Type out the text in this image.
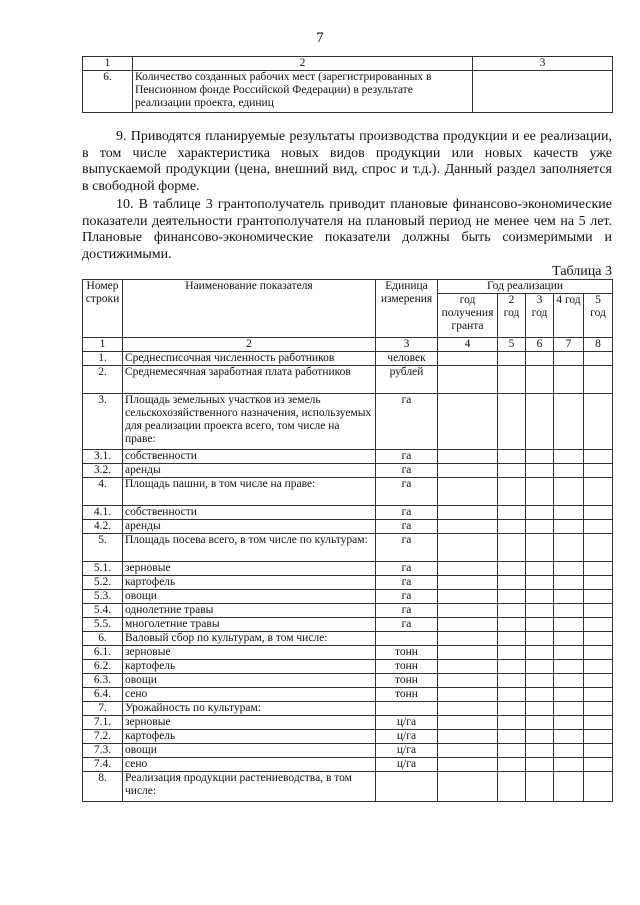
7
1	2	3
6.	Количество созданных рабочих мест (зарегистрированных в Пенсионном фонде Российской Федерации) в результате реализации проекта, единиц	

9. Приводятся планируемые результаты производства продукции и ее реализации, в том числе характеристика новых видов продукции или новых качеств уже выпускаемой продукции (цена, внешний вид, спрос и т.д.). Данный раздел заполняется в свободной форме.

10. В таблице 3 грантополучатель приводит плановые финансово-экономические показатели деятельности грантополучателя на плановый период не менее чем на 5 лет. Плановые финансово-экономические показатели должны быть соизмеримыми и достижимыми.

Таблица 3
Номер строки	Наименование показателя	Единица измерения	Год реализации				
			год получения гранта	2 год	3 год	4 год	5 год
1	2	3	4	5	6	7	8
1.	Среднесписочная численность работников	человек					
2.	Среднемесячная заработная плата работников	рублей					
3.	Площадь земельных участков из земель сельскохозяйственного назначения, используемых для реализации проекта всего, том числе на праве:	га					
3.1.	собственности	га					
3.2.	аренды	га					
4.	Площадь пашни, в том числе на праве:	га					
4.1.	собственности	га					
4.2.	аренды	га					
5.	Площадь посева всего, в том числе по культурам:	га					
5.1.	зерновые	га					
5.2.	картофель	га					
5.3.	овощи	га					
5.4.	однолетние травы	га					
5.5.	многолетние травы	га					
6.	Валовый сбор по культурам, в том числе:						
6.1.	зерновые	тонн					
6.2.	картофель	тонн					
6.3.	овощи	тонн					
6.4.	сено	тонн					
7.	Урожайность по культурам:						
7.1.	зерновые	ц/га					
7.2.	картофель	ц/га					
7.3.	овощи	ц/га					
7.4.	сено	ц/га					
8.	Реализация продукции растениеводства, в том числе:						
